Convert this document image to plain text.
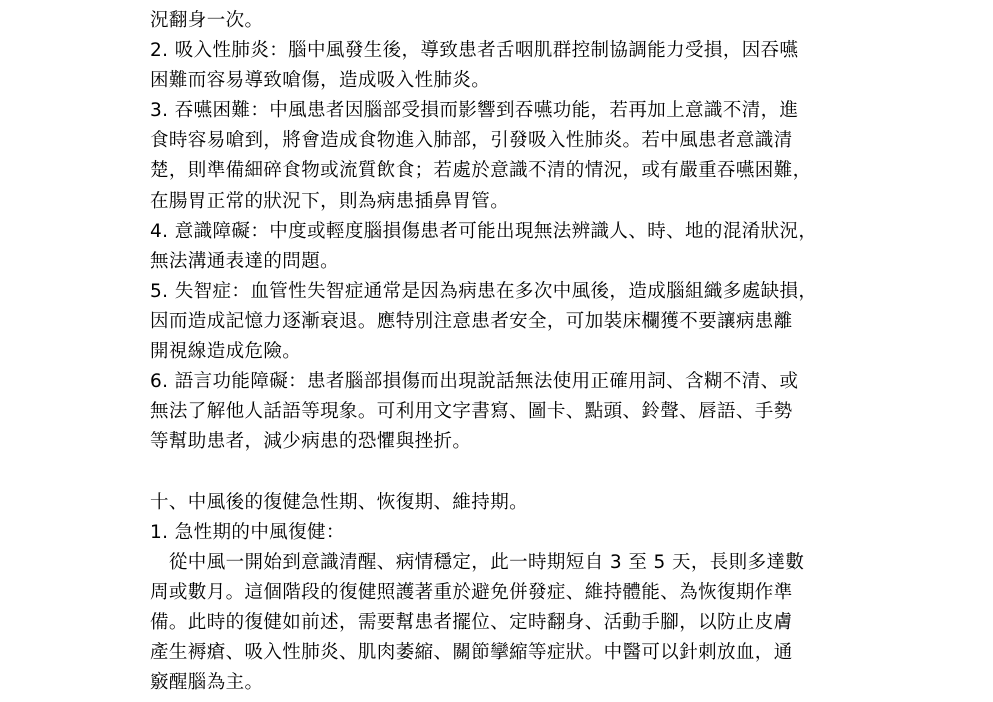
況翻身一次。
2. 吸入性肺炎：腦中風發生後，導致患者舌咽肌群控制協調能力受損，因吞嚥
困難而容易導致嗆傷，造成吸入性肺炎。
3. 吞嚥困難：中風患者因腦部受損而影響到吞嚥功能，若再加上意識不清，進
食時容易嗆到，將會造成食物進入肺部，引發吸入性肺炎。若中風患者意識清
楚，則準備細碎食物或流質飲食；若處於意識不清的情況，或有嚴重吞嚥困難，
在腸胃正常的狀況下，則為病患插鼻胃管。
4. 意識障礙：中度或輕度腦損傷患者可能出現無法辨識人、時、地的混淆狀況，
無法溝通表達的問題。
5. 失智症：血管性失智症通常是因為病患在多次中風後，造成腦組織多處缺損，
因而造成記憶力逐漸衰退。應特別注意患者安全，可加裝床欄獲不要讓病患離
開視線造成危險。
6. 語言功能障礙：患者腦部損傷而出現說話無法使用正確用詞、含糊不清、或
無法了解他人話語等現象。可利用文字書寫、圖卡、點頭、鈴聲、唇語、手勢
等幫助患者，減少病患的恐懼與挫折。
十、中風後的復健急性期、恢復期、維持期。
1. 急性期的中風復健：
　從中風一開始到意識清醒、病情穩定，此一時期短自 3 至 5 天，長則多達數
周或數月。這個階段的復健照護著重於避免併發症、維持體能、為恢復期作準
備。此時的復健如前述，需要幫患者擺位、定時翻身、活動手腳，以防止皮膚
產生褥瘡、吸入性肺炎、肌肉萎縮、關節攣縮等症狀。中醫可以針刺放血，通
竅醒腦為主。
